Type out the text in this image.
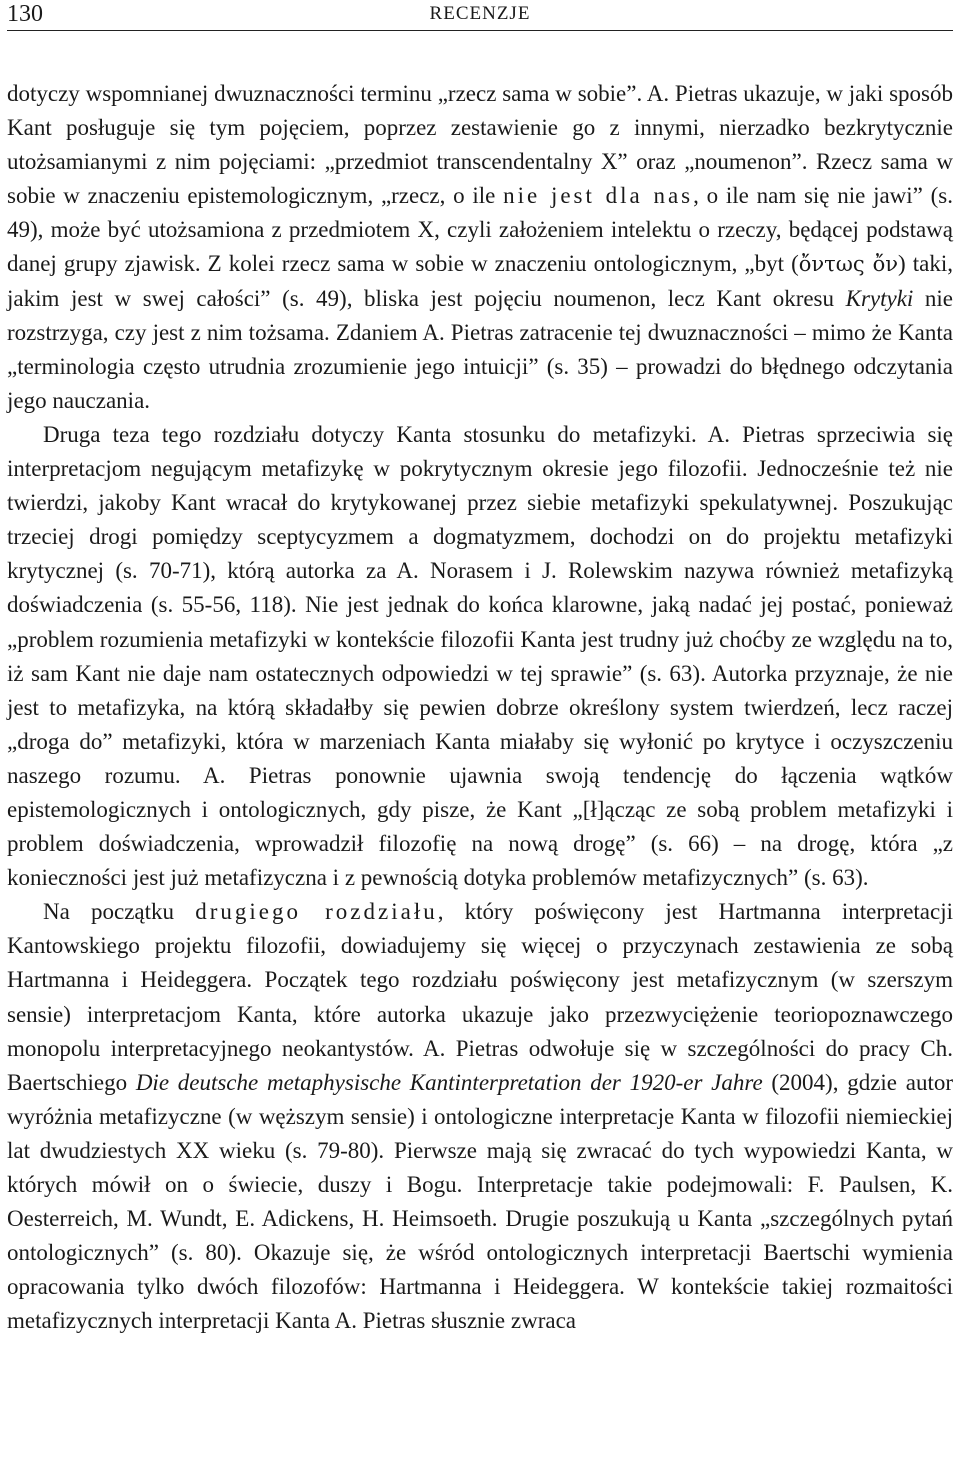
130	RECENZJE

dotyczy wspomnianej dwuznaczności terminu „rzecz sama w sobie”. A. Pietras ukazuje, w jaki sposób Kant posługuje się tym pojęciem, poprzez zestawienie go z innymi, nierzadko bezkrytycznie utożsamianymi z nim pojęciami: „przedmiot transcendentalny X” oraz „noumenon”. Rzecz sama w sobie w znaczeniu epistemologicznym, „rzecz, o ile nie jest dla nas, o ile nam się nie jawi” (s. 49), może być utożsamiona z przedmiotem X, czyli założeniem intelektu o rzeczy, będącej podstawą danej grupy zjawisk. Z kolei rzecz sama w sobie w znaczeniu ontologicznym, „byt (ὄντως ὄν) taki, jakim jest w swej całości” (s. 49), bliska jest pojęciu noumenon, lecz Kant okresu Krytyki nie rozstrzyga, czy jest z nim tożsama. Zdaniem A. Pietras zatracenie tej dwuznaczności – mimo że Kanta „terminologia często utrudnia zrozumienie jego intuicji” (s. 35) – prowadzi do błędnego odczytania jego nauczania.

Druga teza tego rozdziału dotyczy Kanta stosunku do metafizyki. A. Pietras sprzeciwia się interpretacjom negującym metafizykę w pokrytycznym okresie jego filozofii. Jednocześnie też nie twierdzi, jakoby Kant wracał do krytykowanej przez siebie metafizyki spekulatywnej. Poszukując trzeciej drogi pomiędzy sceptycyzmem a dogmatyzmem, dochodzi on do projektu metafizyki krytycznej (s. 70-71), którą autorka za A. Norasem i J. Rolewskim nazywa również metafizyką doświadczenia (s. 55-56, 118). Nie jest jednak do końca klarowne, jaką nadać jej postać, ponieważ „problem rozumienia metafizyki w kontekście filozofii Kanta jest trudny już choćby ze względu na to, iż sam Kant nie daje nam ostatecznych odpowiedzi w tej sprawie” (s. 63). Autorka przyznaje, że nie jest to metafizyka, na którą składałby się pewien dobrze określony system twierdzeń, lecz raczej „droga do” metafizyki, która w marzeniach Kanta miałaby się wyłonić po krytyce i oczyszczeniu naszego rozumu. A. Pietras ponownie ujawnia swoją tendencję do łączenia wątków epistemologicznych i ontologicznych, gdy pisze, że Kant „[ł]ącząc ze sobą problem metafizyki i problem doświadczenia, wprowadził filozofię na nową drogę” (s. 66) – na drogę, która „z konieczności jest już metafizyczna i z pewnością dotyka problemów metafizycznych” (s. 63).

Na początku drugiego rozdziału, który poświęcony jest Hartmanna interpretacji Kantowskiego projektu filozofii, dowiadujemy się więcej o przyczynach zestawienia ze sobą Hartmanna i Heideggera. Początek tego rozdziału poświęcony jest metafizycznym (w szerszym sensie) interpretacjom Kanta, które autorka ukazuje jako przezwyciężenie teoriopoznawczego monopolu interpretacyjnego neokantystów. A. Pietras odwołuje się w szczególności do pracy Ch. Baertschiego Die deutsche metaphysische Kantinterpretation der 1920-er Jahre (2004), gdzie autor wyróżnia metafizyczne (w węższym sensie) i ontologiczne interpretacje Kanta w filozofii niemieckiej lat dwudziestych XX wieku (s. 79-80). Pierwsze mają się zwracać do tych wypowiedzi Kanta, w których mówił on o świecie, duszy i Bogu. Interpretacje takie podejmowali: F. Paulsen, K. Oesterreich, M. Wundt, E. Adickens, H. Heimsoeth. Drugie poszukują u Kanta „szczególnych pytań ontologicznych” (s. 80). Okazuje się, że wśród ontologicznych interpretacji Baertschi wymienia opracowania tylko dwóch filozofów: Hartmanna i Heideggera. W kontekście takiej rozmaitości metafizycznych interpretacji Kanta A. Pietras słusznie zwraca
